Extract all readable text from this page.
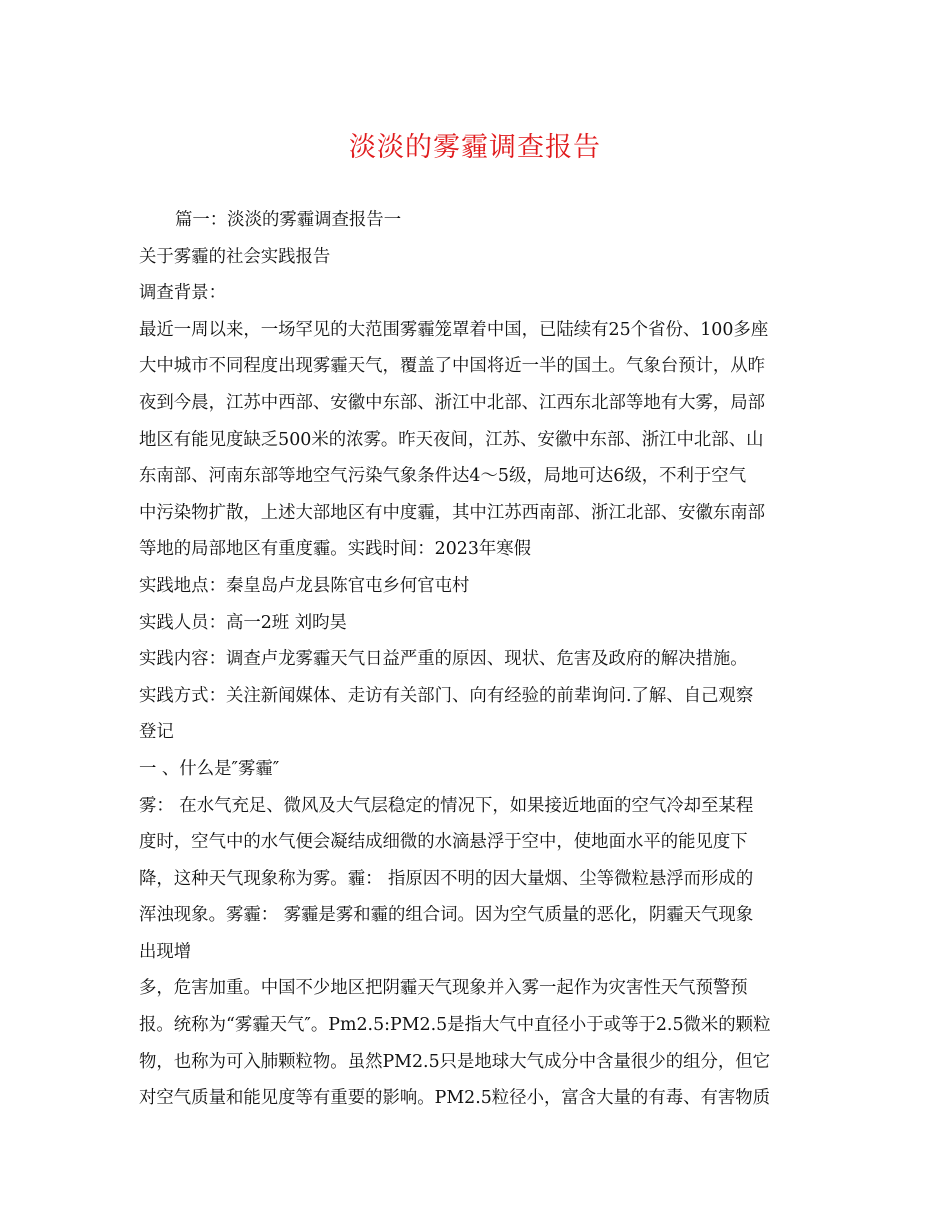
淡淡的雾霾调查报告
篇一：淡淡的雾霾调查报告一
关于雾霾的社会实践报告
调查背景：
最近一周以来，一场罕见的大范围雾霾笼罩着中国，已陆续有25个省份、100多座
大中城市不同程度出现雾霾天气，覆盖了中国将近一半的国土。气象台预计，从昨
夜到今晨，江苏中西部、安徽中东部、浙江中北部、江西东北部等地有大雾，局部
地区有能见度缺乏500米的浓雾。昨天夜间，江苏、安徽中东部、浙江中北部、山
东南部、河南东部等地空气污染气象条件达4～5级，局地可达6级，不利于空气
中污染物扩散，上述大部地区有中度霾，其中江苏西南部、浙江北部、安徽东南部
等地的局部地区有重度霾。实践时间：2023年寒假
实践地点：秦皇岛卢龙县陈官屯乡何官屯村
实践人员：高一2班 刘昀昊
实践内容：调查卢龙雾霾天气日益严重的原因、现状、危害及政府的解决措施。
实践方式：关注新闻媒体、走访有关部门、向有经验的前辈询问.了解、自己观察
登记
一 、什么是″雾霾″
雾： 在水气充足、微风及大气层稳定的情况下，如果接近地面的空气冷却至某程
度时，空气中的水气便会凝结成细微的水滴悬浮于空中，使地面水平的能见度下
降，这种天气现象称为雾。霾： 指原因不明的因大量烟、尘等微粒悬浮而形成的
浑浊现象。雾霾： 雾霾是雾和霾的组合词。因为空气质量的恶化，阴霾天气现象
出现增
多，危害加重。中国不少地区把阴霾天气现象并入雾一起作为灾害性天气预警预
报。统称为“雾霾天气″。Pm2.5:PM2.5是指大气中直径小于或等于2.5微米的颗粒
物，也称为可入肺颗粒物。虽然PM2.5只是地球大气成分中含量很少的组分，但它
对空气质量和能见度等有重要的影响。PM2.5粒径小，富含大量的有毒、有害物质
